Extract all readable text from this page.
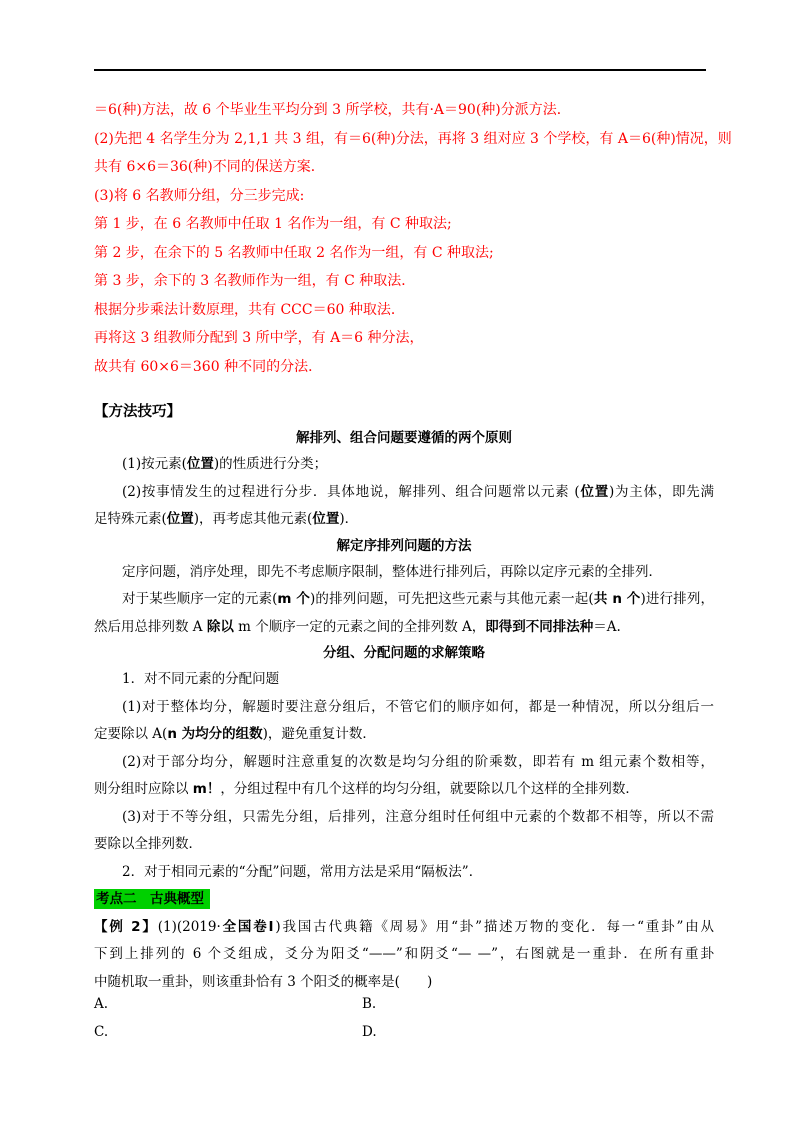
＝6(种)方法，故 6 个毕业生平均分到 3 所学校，共有·A＝90(种)分派方法．
(2)先把 4 名学生分为 2,1,1 共 3 组，有＝6(种)分法，再将 3 组对应 3 个学校，有 A＝6(种)情况，则
共有 6×6＝36(种)不同的保送方案．
(3)将 6 名教师分组，分三步完成:
第 1 步，在 6 名教师中任取 1 名作为一组，有 C 种取法;
第 2 步，在余下的 5 名教师中任取 2 名作为一组，有 C 种取法;
第 3 步，余下的 3 名教师作为一组，有 C 种取法．
根据分步乘法计数原理，共有 CCC＝60 种取法．
再将这 3 组教师分配到 3 所中学，有 A＝6 种分法，
故共有 60×6＝360 种不同的分法．
【方法技巧】
解排列、组合问题要遵循的两个原则
(1)按元素(位置)的性质进行分类；
(2)按事情发生的过程进行分步．具体地说，解排列、组合问题常以元素 (位置)为主体，即先满
足特殊元素(位置)，再考虑其他元素(位置)．
解定序排列问题的方法
定序问题，消序处理，即先不考虑顺序限制，整体进行排列后，再除以定序元素的全排列．
对于某些顺序一定的元素(m 个)的排列问题，可先把这些元素与其他元素一起(共 n 个)进行排列，
然后用总排列数 A 除以 m 个顺序一定的元素之间的全排列数 A，即得到不同排法种＝A.
分组、分配问题的求解策略
1．对不同元素的分配问题
(1)对于整体均分，解题时要注意分组后，不管它们的顺序如何，都是一种情况，所以分组后一
定要除以 A(n 为均分的组数)，避免重复计数．
(2)对于部分均分，解题时注意重复的次数是均匀分组的阶乘数，即若有 m 组元素个数相等，
则分组时应除以 m！，分组过程中有几个这样的均匀分组，就要除以几个这样的全排列数．
(3)对于不等分组，只需先分组，后排列，注意分组时任何组中元素的个数都不相等，所以不需
要除以全排列数．
2．对于相同元素的“分配”问题，常用方法是采用“隔板法”．
考点二　古典概型
【例 2】(1)(2019·全国卷Ⅰ)我国古代典籍《周易》用“卦”描述万物的变化．每一“重卦”由从
下到上排列的 6 个爻组成，爻分为阳爻“——”和阴爻“— —”，右图就是一重卦．在所有重卦
中随机取一重卦，则该重卦恰有 3 个阳爻的概率是(　　)
A.	B.
C.	D.
